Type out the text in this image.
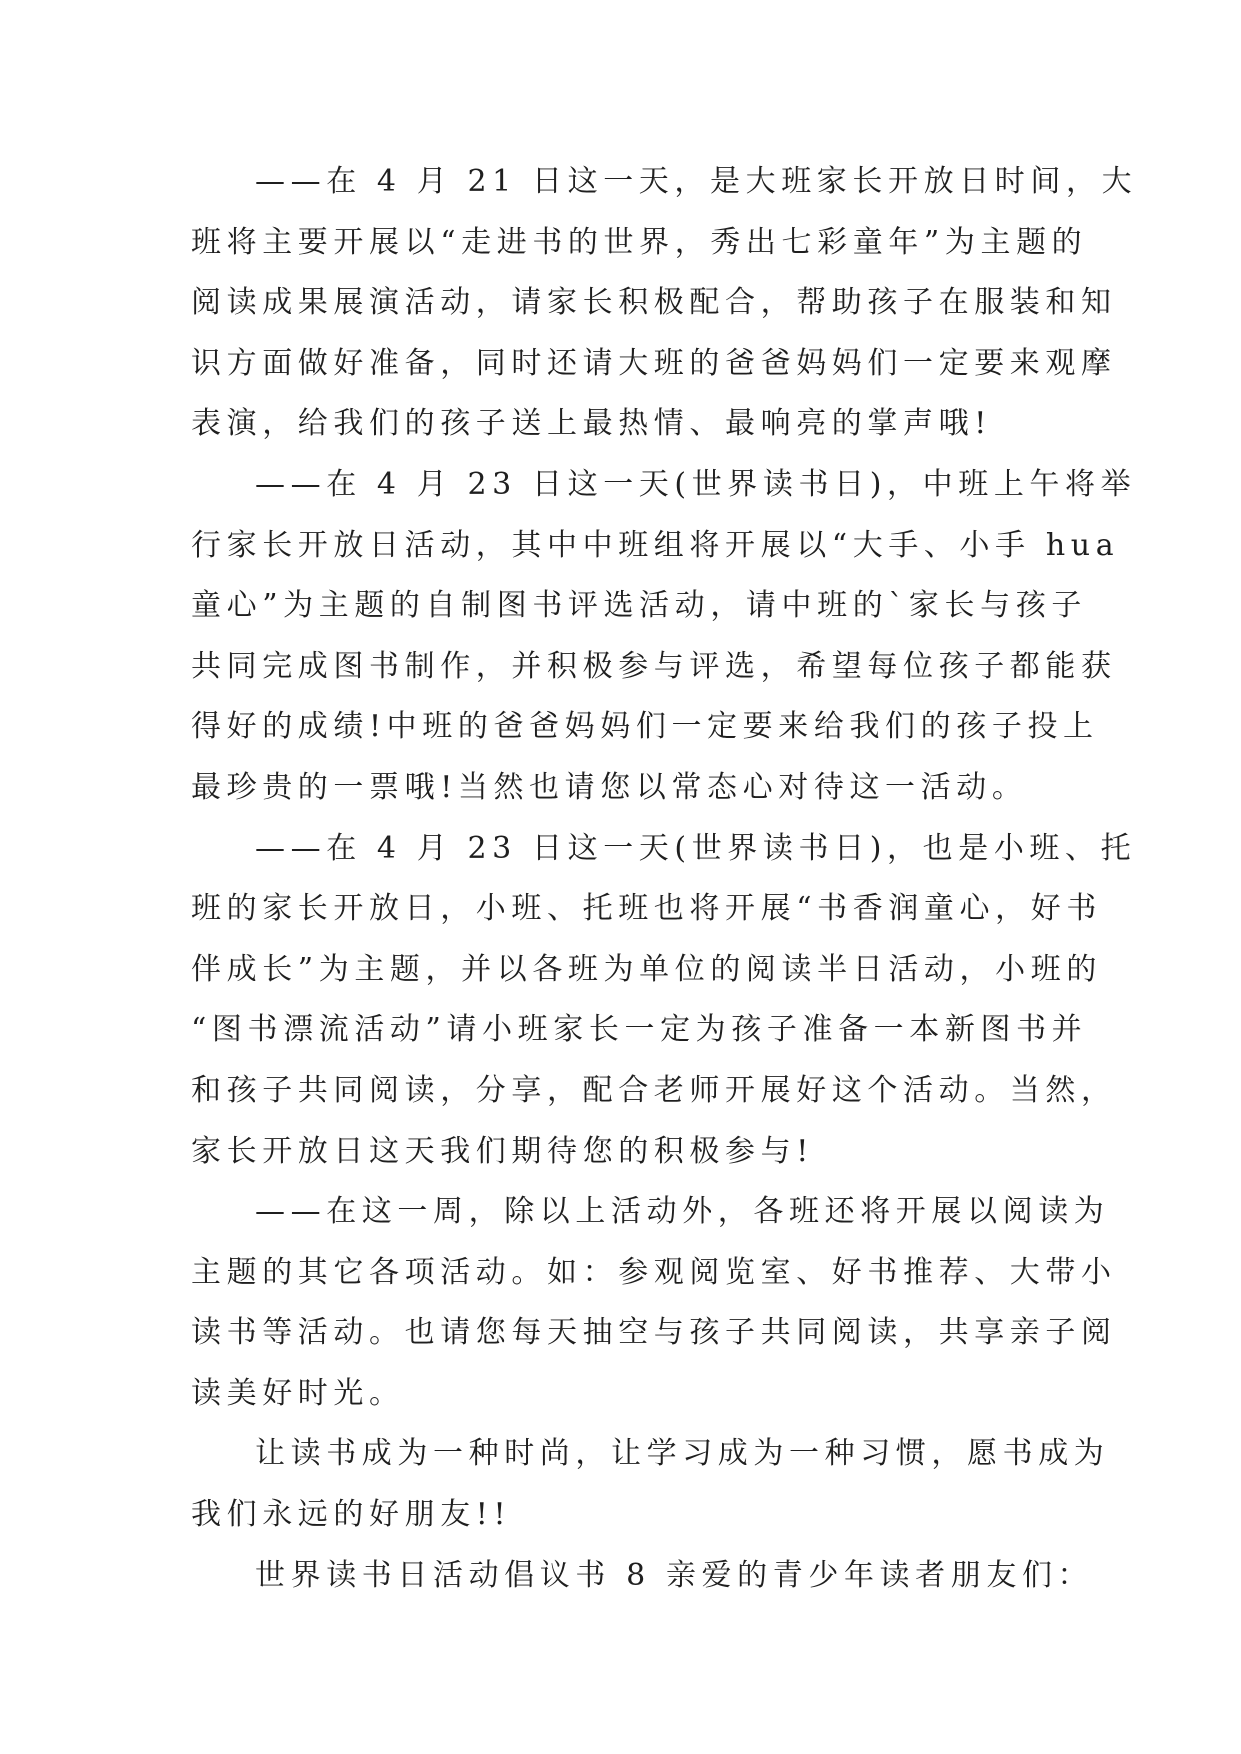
——在 4 月 21 日这一天，是大班家长开放日时间，大
班将主要开展以“走进书的世界，秀出七彩童年”为主题的
阅读成果展演活动，请家长积极配合，帮助孩子在服装和知
识方面做好准备，同时还请大班的爸爸妈妈们一定要来观摩
表演，给我们的孩子送上最热情、最响亮的掌声哦!
——在 4 月 23 日这一天(世界读书日)，中班上午将举
行家长开放日活动，其中中班组将开展以“大手、小手 hua
童心”为主题的自制图书评选活动，请中班的`家长与孩子
共同完成图书制作，并积极参与评选，希望每位孩子都能获
得好的成绩!中班的爸爸妈妈们一定要来给我们的孩子投上
最珍贵的一票哦!当然也请您以常态心对待这一活动。
——在 4 月 23 日这一天(世界读书日)，也是小班、托
班的家长开放日，小班、托班也将开展“书香润童心，好书
伴成长”为主题，并以各班为单位的阅读半日活动，小班的
“图书漂流活动”请小班家长一定为孩子准备一本新图书并
和孩子共同阅读，分享，配合老师开展好这个活动。当然，
家长开放日这天我们期待您的积极参与!
——在这一周，除以上活动外，各班还将开展以阅读为
主题的其它各项活动。如：参观阅览室、好书推荐、大带小
读书等活动。也请您每天抽空与孩子共同阅读，共享亲子阅
读美好时光。
让读书成为一种时尚，让学习成为一种习惯，愿书成为
我们永远的好朋友!!
世界读书日活动倡议书 8 亲爱的青少年读者朋友们：
